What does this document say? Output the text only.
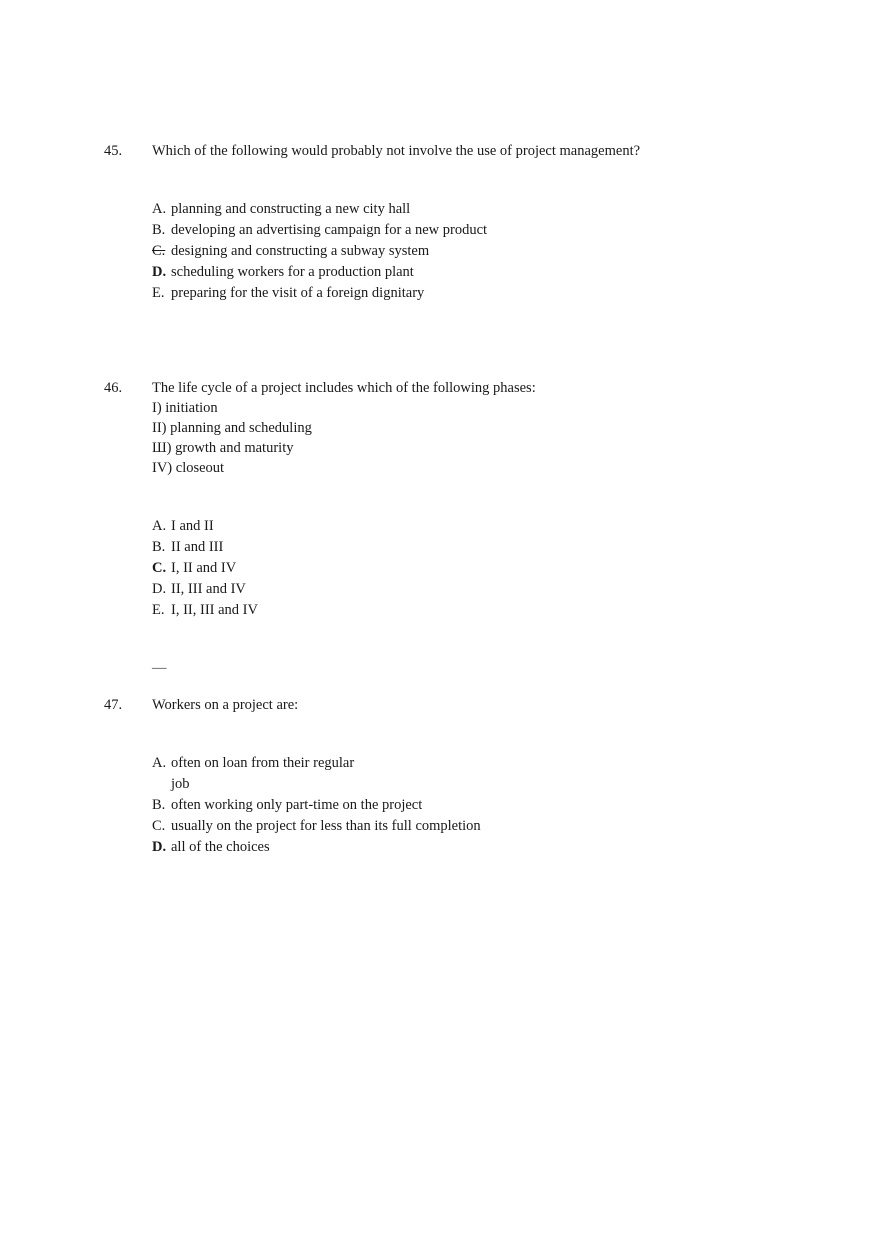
45. Which of the following would probably not involve the use of project management?
A. planning and constructing a new city hall
B. developing an advertising campaign for a new product
C. designing and constructing a subway system
D. scheduling workers for a production plant
E. preparing for the visit of a foreign dignitary
46. The life cycle of a project includes which of the following phases:
I) initiation
II) planning and scheduling
Ш) growth and maturity
IV) closeout
A. I and II
B. II and III
C. I, II and IV
D. II, III and IV
E. I, II, III and IV
—
47. Workers on a project are:
A. often on loan from their regular
job
B. often working only part-time on the project
C. usually on the project for less than its full completion
D. all of the choices
